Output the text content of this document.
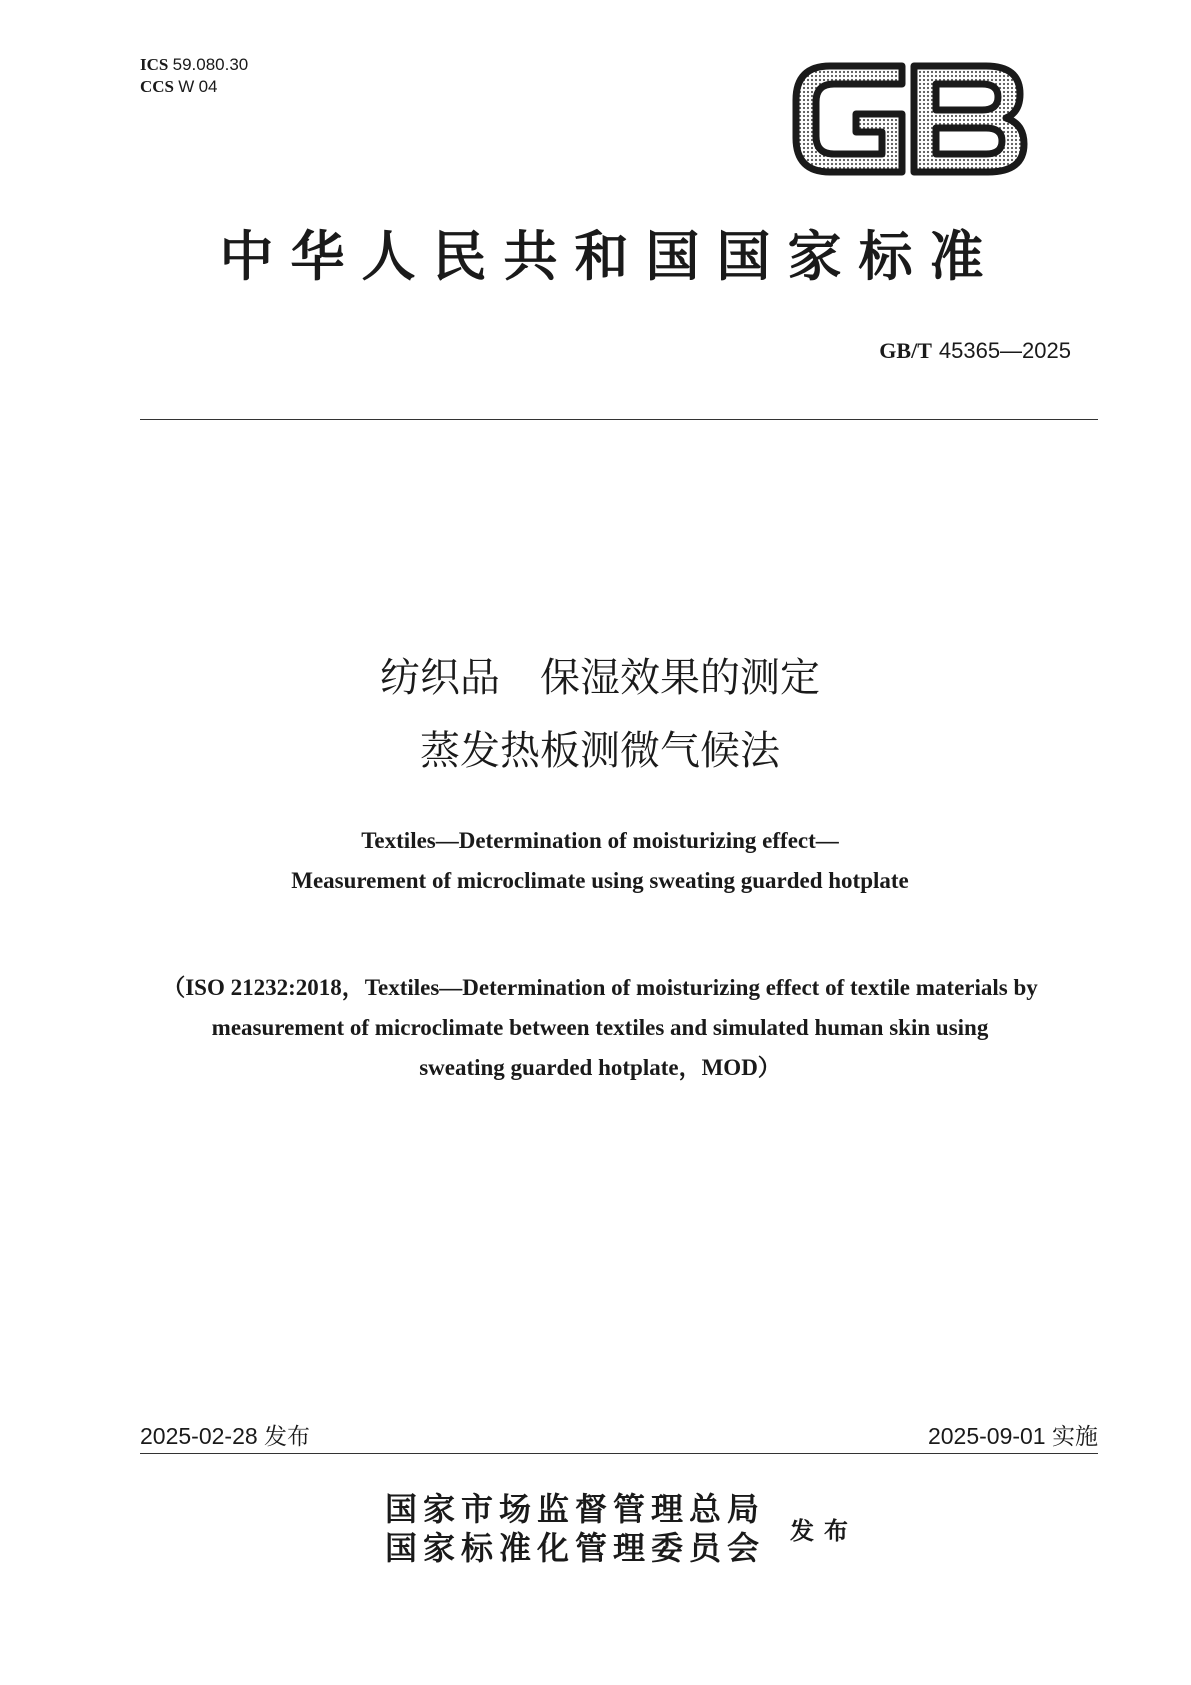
ICS 59.080.30
CCS W 04
GB
中华人民共和国国家标准
GB/T 45365—2025
纺织品　保湿效果的测定
蒸发热板测微气候法
Textiles—Determination of moisturizing effect—
Measurement of microclimate using sweating guarded hotplate
（ISO 21232:2018，Textiles—Determination of moisturizing effect of textile materials by
measurement of microclimate between textiles and simulated human skin using
sweating guarded hotplate，MOD）
2025-02-28 发布	2025-09-01 实施
国家市场监督管理总局
国家标准化管理委员会 发布
